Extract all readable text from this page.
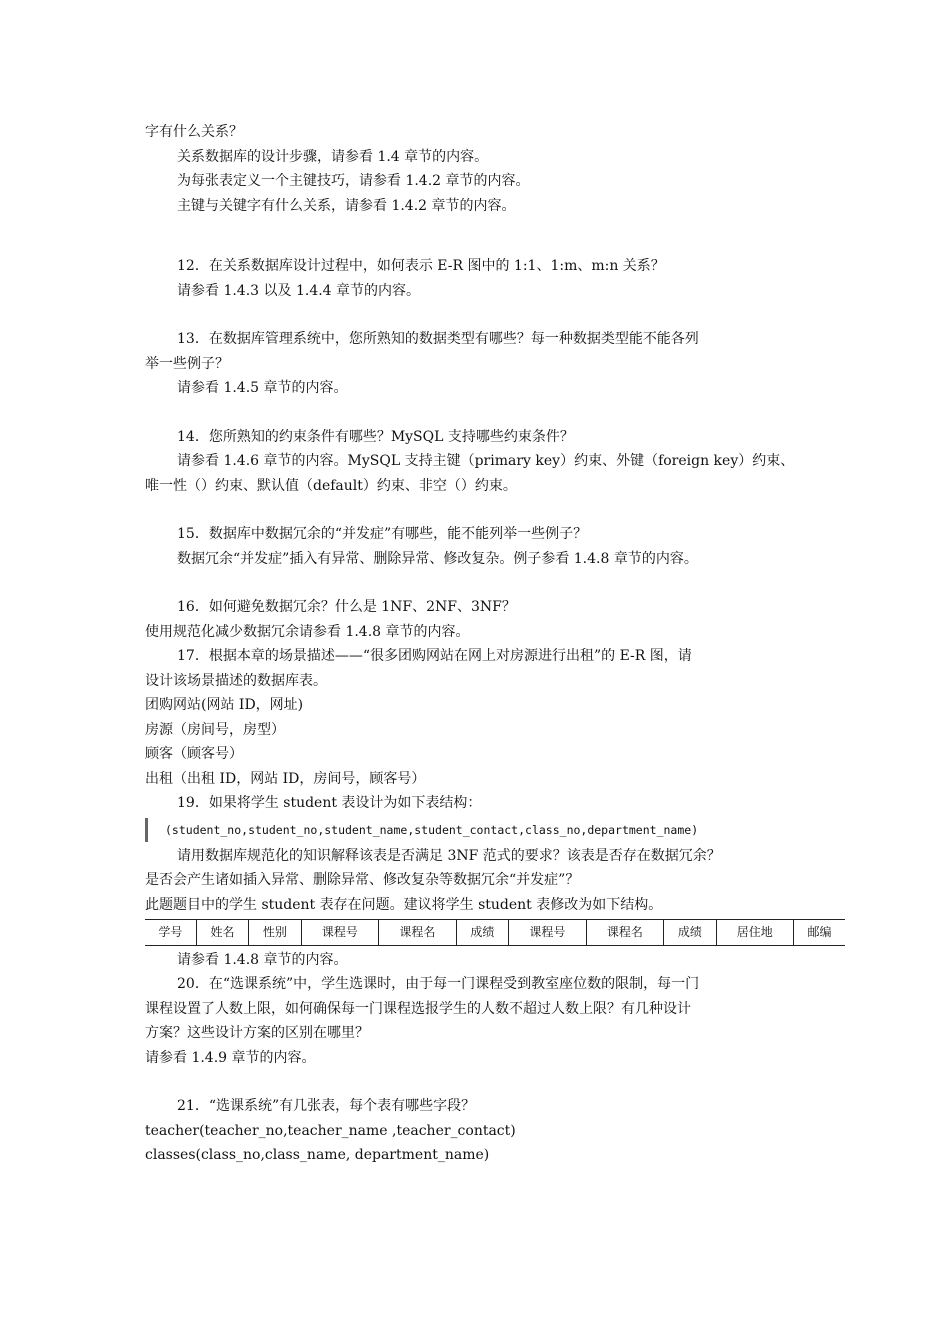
字有什么关系？
关系数据库的设计步骤，请参看 1.4 章节的内容。
为每张表定义一个主键技巧，请参看 1.4.2 章节的内容。
主键与关键字有什么关系，请参看 1.4.2 章节的内容。
12．在关系数据库设计过程中，如何表示 E-R 图中的 1:1、1:m、m:n 关系？
请参看 1.4.3 以及 1.4.4 章节的内容。
13．在数据库管理系统中，您所熟知的数据类型有哪些？每一种数据类型能不能各列
举一些例子？
请参看 1.4.5 章节的内容。
14．您所熟知的约束条件有哪些？MySQL 支持哪些约束条件？
请参看 1.4.6 章节的内容。MySQL 支持主键（primary key）约束、外键（foreign key）约束、
唯一性（）约束、默认值（default）约束、非空（）约束。
15．数据库中数据冗余的“并发症”有哪些，能不能列举一些例子？
数据冗余“并发症”插入有异常、删除异常、修改复杂。例子参看 1.4.8 章节的内容。
16．如何避免数据冗余？什么是 1NF、2NF、3NF？
使用规范化减少数据冗余请参看 1.4.8 章节的内容。
17．根据本章的场景描述——“很多团购网站在网上对房源进行出租”的 E-R 图，请
设计该场景描述的数据库表。
团购网站(网站 ID，网址)
房源（房间号，房型）
顾客（顾客号）
出租（出租 ID，网站 ID，房间号，顾客号）
19．如果将学生 student 表设计为如下表结构：
(student_no,student_no,student_name,student_contact,class_no,department_name)
请用数据库规范化的知识解释该表是否满足 3NF 范式的要求？该表是否存在数据冗余？
是否会产生诸如插入异常、删除异常、修改复杂等数据冗余“并发症”？
此题题目中的学生 student 表存在问题。建议将学生 student 表修改为如下结构。
学号	姓名	性别	课程号	课程名	成绩	课程号	课程名	成绩	居住地	邮编
请参看 1.4.8 章节的内容。
20．在“选课系统”中，学生选课时，由于每一门课程受到教室座位数的限制，每一门
课程设置了人数上限，如何确保每一门课程选报学生的人数不超过人数上限？有几种设计
方案？这些设计方案的区别在哪里？
请参看 1.4.9 章节的内容。
21．“选课系统”有几张表，每个表有哪些字段？
teacher(teacher_no,teacher_name ,teacher_contact)
classes(class_no,class_name, department_name)
